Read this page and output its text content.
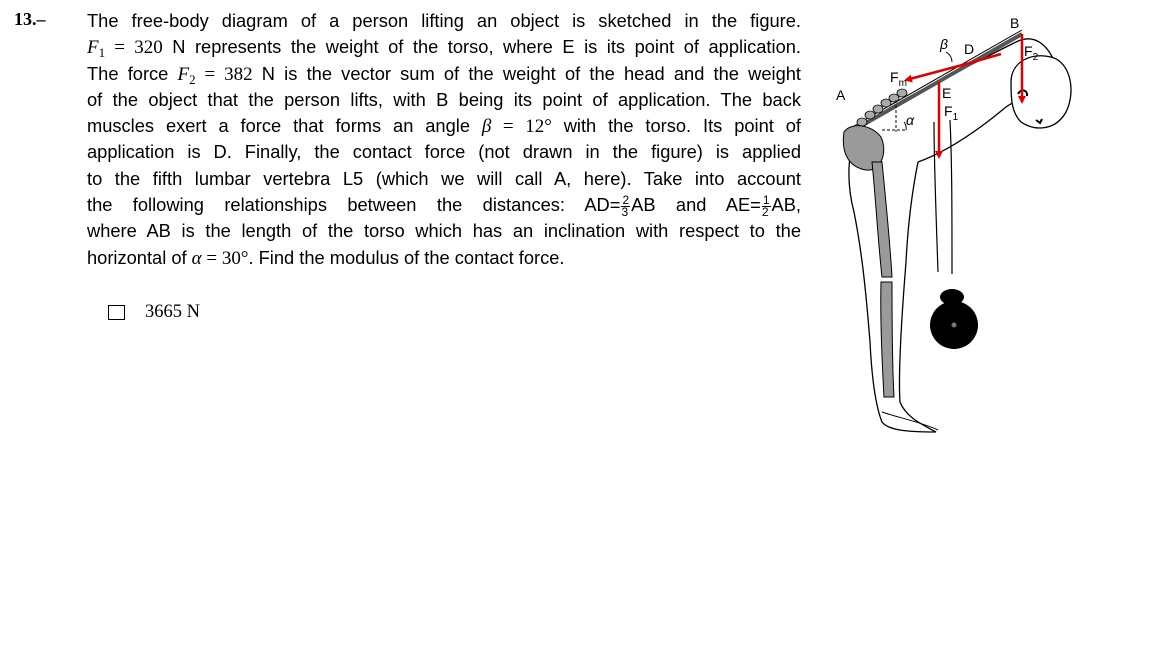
13.– The free-body diagram of a person lifting an object is sketched in the figure.
$F_1 = 320$ N represents the weight of the torso, where E is its point of application.
The force $F_2 = 382$ N is the vector sum of the weight of the head and the weight
of the object that the person lifts, with B being its point of application. The back
muscles exert a force that forms an angle β = 12° with the torso. Its point of
application is D. Finally, the contact force (not drawn in the figure) is applied
to the fifth lumbar vertebra L5 (which we will call A, here). Take into account
the following relationships between the distances: $AD= \frac{2}{3}$ AB and $AE= \frac{1}{2}$ AB,
where AB is the length of the torso which has an inclination with respect to the
horizontal of α = 30°. Find the modulus of the contact force.
3665 N
A
B
D
E
β
α
$F_m$
$F_1$
$F_2$
